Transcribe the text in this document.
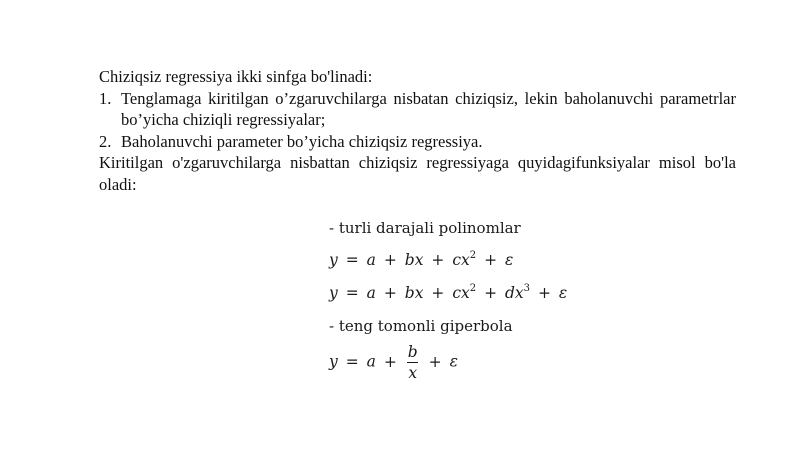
Chiziqsiz regressiya ikki sinfga bo'linadi:

1. Tenglamaga kiritilgan o’zgaruvchilarga nisbatan chiziqsiz, lekin baholanuvchi parametrlar bo’yicha chiziqli regressiyalar;
2. Baholanuvchi parameter bo’yicha chiziqsiz regressiya.

Kiritilgan o'zgaruvchilarga nisbattan chiziqsiz regressiyaga quyidagifunksiyalar misol bo'la oladi:

- turli darajali polinomlar
y = a + bx + $cx^2 + \varepsilon$
y = a + bx + $cx^2 + dx^3 + \varepsilon$
- teng tomonli giperbola
$y = a + \frac{b}{x} + \varepsilon$
